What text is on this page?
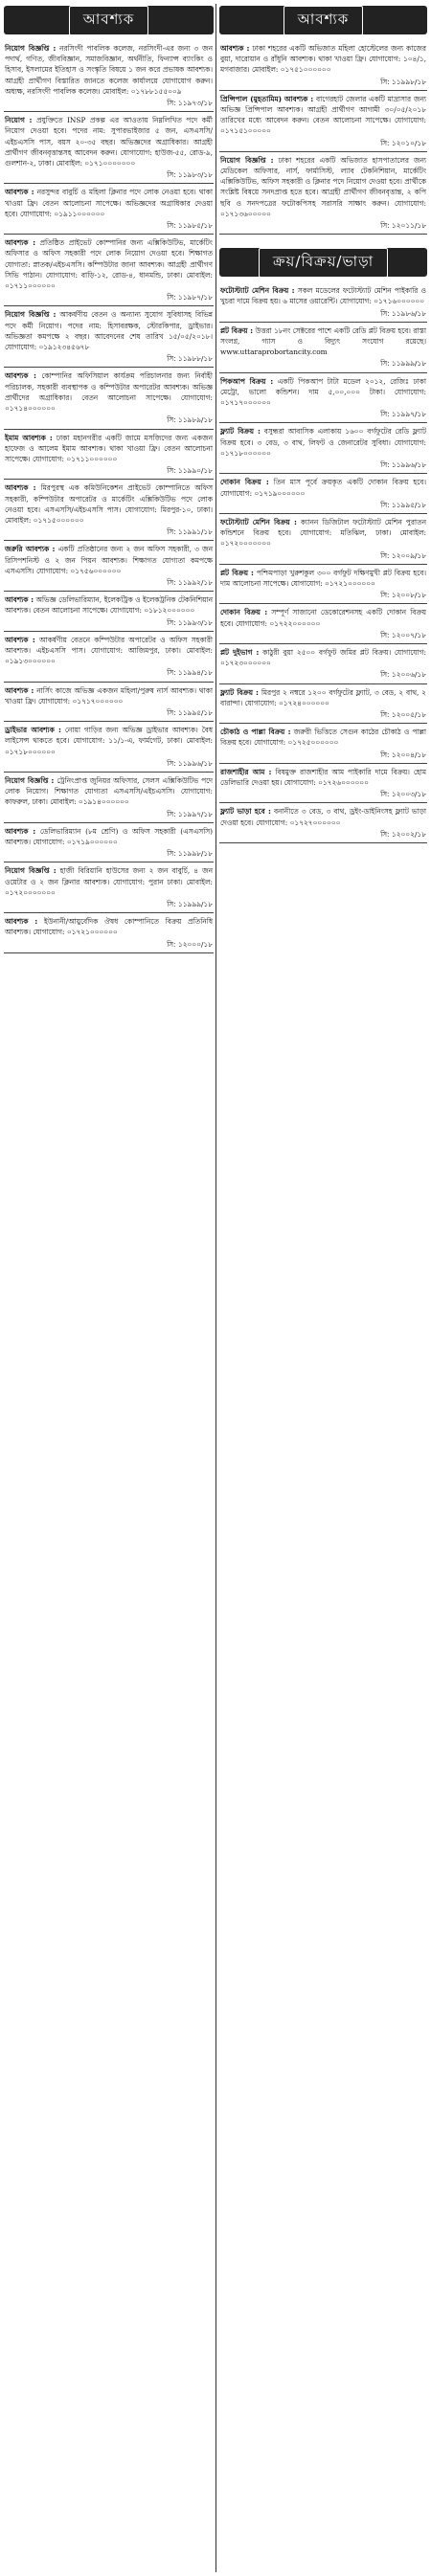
আবশ্যক
নিয়োগ বিজ্ঞপ্তি : নরসিংদী পাবলিক কলেজ, নরসিংদী-এর জন্য ৩ জন পদার্থ, গণিত, জীববিজ্ঞান, সমাজবিজ্ঞান, অর্থনীতি, ফিন্যান্স ব্যাংকিং ও হিসাব, ইসলামের ইতিহাস ও সংস্কৃতি বিষয়ে ১ জন করে প্রভাষক আবশ্যক। আগ্রহী প্রার্থীগণ বিস্তারিত জানতে কলেজ কার্যালয়ে যোগাযোগ করুন। অধ্যক্ষ, নরসিংদী পাবলিক কলেজ। মোবাইল: ০১৭৮৮১৫৫০০৯
সি: ১১৯৭৩/১৮
নিয়োগ : প্রযুক্তিতে INSP প্রকল্প এর আওতায় নিম্নলিখিত পদে কর্মী নিয়োগ দেওয়া হবে। পদের নাম: সুপারভাইজার ৫ জন, এসএসসি/এইচএসসি পাস, বয়স ২০-৩৫ বছর। অভিজ্ঞদের অগ্রাধিকার। আগ্রহী প্রার্থীগণ জীবনবৃত্তান্তসহ আবেদন করুন। যোগাযোগ: হাউজ-৫৫, রোড-৯, গুলশান-২, ঢাকা। মোবাইল: ০১৭১০০০০০০০
সি: ১১৯৮৩/১৮
আবশ্যক : নরসুন্দর বাবুর্চি ও মহিলা ক্লিনার পদে লোক নেওয়া হবে। থাকা খাওয়া ফ্রি। বেতন আলোচনা সাপেক্ষে। অভিজ্ঞদের অগ্রাধিকার দেওয়া হবে। যোগাযোগ: ০১৯১১০০০০০০
সি: ১১৯৮৫/১৮
আবশ্যক : প্রতিষ্ঠিত প্রাইভেট কোম্পানির জন্য এক্সিকিউটিভ, মার্কেটিং অফিসার ও অফিস সহকারী পদে লোক নিয়োগ দেওয়া হবে। শিক্ষাগত যোগ্যতা: স্নাতক/এইচএসসি। কম্পিউটার জানা আবশ্যক। আগ্রহী প্রার্থীগণ সিভি পাঠান। যোগাযোগ: বাড়ি-১২, রোড-৪, ধানমন্ডি, ঢাকা। মোবাইল: ০১৭১১০০০০০০
সি: ১১৯৮৭/১৮
নিয়োগ বিজ্ঞপ্তি : আকর্ষণীয় বেতন ও অন্যান্য সুযোগ সুবিধাসহ বিভিন্ন পদে কর্মী নিয়োগ। পদের নাম: হিসাবরক্ষক, স্টোরকিপার, ড্রাইভার। অভিজ্ঞতা কমপক্ষে ২ বছর। আবেদনের শেষ তারিখ ১৫/০৫/২০১৮। যোগাযোগ: ০১৯১২৩৪৫৬৭৮
সি: ১১৯৮৮/১৮
আবশ্যক : কোম্পানির অফিসিয়াল কার্যক্রম পরিচালনার জন্য নির্বাহী পরিচালক, সহকারী ব্যবস্থাপক ও কম্পিউটার অপারেটর আবশ্যক। অভিজ্ঞ প্রার্থীদের অগ্রাধিকার। বেতন আলোচনা সাপেক্ষে। যোগাযোগ: ০১৭১৪০০০০০০
সি: ১১৯৮৯/১৮
ইমাম আবশ্যক : ঢাকা মহানগরীর একটি জামে মসজিদের জন্য একজন হাফেজ ও আলেম ইমাম আবশ্যক। থাকা খাওয়া ফ্রি। বেতন আলোচনা সাপেক্ষে। যোগাযোগ: ০১৭১১০০০০০০
সি: ১১৯৯০/১৮
আবশ্যক : মিরপুরস্থ এক কমিউনিকেশন প্রাইভেট কোম্পানিতে অফিস সহকারী, কম্পিউটার অপারেটর ও মার্কেটিং এক্সিকিউটিভ পদে লোক নেওয়া হবে। এসএসসি/এইচএসসি পাস। যোগাযোগ: মিরপুর-১০, ঢাকা। মোবাইল: ০১৭১৫০০০০০০
সি: ১১৯৯১/১৮
জরুরি আবশ্যক : একটি প্রতিষ্ঠানের জন্য ২ জন অফিস সহকারী, ৩ জন রিসিপশনিস্ট ও ২ জন পিয়ন আবশ্যক। শিক্ষাগত যোগ্যতা কমপক্ষে এসএসসি। যোগাযোগ: ০১৭৫৬০০০০০০
সি: ১১৯৯২/১৮
আবশ্যক : অভিজ্ঞ ডেলিভারিম্যান, ইলেকট্রিক ও ইলেকট্রনিক টেকনিশিয়ান আবশ্যক। বেতন আলোচনা সাপেক্ষে। যোগাযোগ: ০১৮১২০০০০০০
সি: ১১৯৯৩/১৮
আবশ্যক : আকর্ষণীয় বেতনে কম্পিউটার অপারেটর ও অফিস সহকারী আবশ্যক। এইচএসসি পাস। যোগাযোগ: আজিমপুর, ঢাকা। মোবাইল: ০১৯১৩০০০০০০
সি: ১১৯৯৪/১৮
আবশ্যক : নার্সিং কাজে অভিজ্ঞ একজন মহিলা/পুরুষ নার্স আবশ্যক। থাকা খাওয়া ফ্রি। যোগাযোগ: ০১৭১৭০০০০০০
সি: ১১৯৯৫/১৮
ড্রাইভার আবশ্যক : নোয়া গাড়ির জন্য অভিজ্ঞ ড্রাইভার আবশ্যক। বৈধ লাইসেন্স থাকতে হবে। যোগাযোগ: ১১/১-এ, ফার্মগেট, ঢাকা। মোবাইল: ০১৭১৮০০০০০০
সি: ১১৯৯৬/১৮
নিয়োগ বিজ্ঞপ্তি : ট্রেনিংপ্রাপ্ত জুনিয়র অফিসার, সেলস এক্সিকিউটিভ পদে লোক নিয়োগ। শিক্ষাগত যোগ্যতা এসএসসি/এইচএসসি। যোগাযোগ: কাফরুল, ঢাকা। মোবাইল: ০১৯১৪০০০০০০
সি: ১১৯৯৭/১৮
আবশ্যক : ডেলিভারিম্যান (৮ম শ্রেণি) ও অফিস সহকারী (এসএসসি) আবশ্যক। যোগাযোগ: ০১৭১৯০০০০০০
সি: ১১৯৯৮/১৮
নিয়োগ বিজ্ঞপ্তি : হাজী বিরিয়ানি হাউসের জন্য ২ জন বাবুর্চি, ৪ জন ওয়েটার ও ২ জন ক্লিনার আবশ্যক। যোগাযোগ: পুরান ঢাকা। মোবাইল: ০১৭২০০০০০০০
সি: ১১৯৯৯/১৮
আবশ্যক : ইউনানী/আয়ুর্বেদিক ঔষধ কোম্পানিতে বিক্রয় প্রতিনিধি আবশ্যক। যোগাযোগ: ০১৭২১০০০০০০
সি: ১২০০০/১৮
আবশ্যক
আবশ্যক : ঢাকা শহরের একটি অভিজাত মহিলা হোস্টেলের জন্য কাজের বুয়া, দারোয়ান ও রাঁধুনি আবশ্যক। থাকা খাওয়া ফ্রি। যোগাযোগ: ১০৪/১, মগবাজার। মোবাইল: ০১৭৫১০০০০০০
সি: ১১৯৯৮/১৮
প্রিন্সিপাল (মুহতামিম) আবশ্যক : বাগেরহাট জেলার একটি মাদ্রাসার জন্য অভিজ্ঞ প্রিন্সিপাল আবশ্যক। আগ্রহী প্রার্থীগণ আগামী ৩০/০৫/২০১৮ তারিখের মধ্যে আবেদন করুন। বেতন আলোচনা সাপেক্ষে। যোগাযোগ: ০১৭১৫১০০০০০
সি: ১২০১০/১৮
নিয়োগ বিজ্ঞপ্তি : ঢাকা শহরের একটি অভিজাত হাসপাতালের জন্য মেডিকেল অফিসার, নার্স, ফার্মাসিস্ট, ল্যাব টেকনিশিয়ান, মার্কেটিং এক্সিকিউটিভ, অফিস সহকারী ও ক্লিনার পদে নিয়োগ দেওয়া হবে। প্রার্থীকে সংশ্লিষ্ট বিষয়ে সনদপ্রাপ্ত হতে হবে। আগ্রহী প্রার্থীগণ জীবনবৃত্তান্ত, ২ কপি ছবি ও সনদপত্রের ফটোকপিসহ সরাসরি সাক্ষাৎ করুন। যোগাযোগ: ০১৭১৩৬০০০০০
সি: ১২০১১/১৮
ক্রয়/বিক্রয়/ভাড়া
ফটোস্ট্যাট মেশিন বিক্রয় : সকল মডেলের ফটোস্ট্যাট মেশিন পাইকারি ও খুচরা দামে বিক্রয় হয়। ৬ মাসের ওয়ারেন্টি। যোগাযোগ: ০১৭১৬০০০০০০
সি: ১১৯৮৬/১৮
প্লট বিক্রয় : উত্তরা ১৮নং সেক্টরের পাশে একটি রেডি প্লট বিক্রয় হবে। রাস্তা সংলগ্ন, গ্যাস ও বিদ্যুৎ সংযোগ রয়েছে। www.uttaraprobortancity.com
সি: ১১৯৯৯/১৮
পিকআপ বিক্রয় : একটি পিকআপ টাটা মডেল ২০১২, রেজিঃ ঢাকা মেট্রো, ভালো কন্ডিশন। দাম ৫,০০,০০০ টাকা। যোগাযোগ: ০১৭১৭০০০০০০
সি: ১১৯৯৭/১৮
ফ্ল্যাট বিক্রয় : বসুন্ধরা আবাসিক এলাকায় ১৬০০ বর্গফুটের রেডি ফ্ল্যাট বিক্রয় হবে। ৩ বেড, ৩ বাথ, লিফট ও জেনারেটর সুবিধা। যোগাযোগ: ০১৭১৮০০০০০০
সি: ১১৯৯৬/১৮
দোকান বিক্রয় : তিন মাস পূর্বে ক্রয়কৃত একটি দোকান বিক্রয় হবে। যোগাযোগ: ০১৭১৯০০০০০০
সি: ১১৯৯৫/১৮
ফটোস্ট্যাট মেশিন বিক্রয় : ক্যানন ডিজিটাল ফটোস্ট্যাট মেশিন পুরাতন কন্ডিশনে বিক্রয় হবে। যোগাযোগ: মতিঝিল, ঢাকা। মোবাইল: ০১৭২০০০০০০০
সি: ১২০০৯/১৮
প্লট বিক্রয় : পশ্চিমপাড়া খুরুশকুল ৩০০ বর্গফুট দক্ষিণমুখী প্লট বিক্রয় হবে। দাম আলোচনা সাপেক্ষে। যোগাযোগ: ০১৭২১০০০০০০
সি: ১২০০৮/১৮
দোকান বিক্রয় : সম্পূর্ণ সাজানো ডেকোরেশনসহ একটি দোকান বিক্রয় হবে। যোগাযোগ: ০১৭২২০০০০০০
সি: ১২০০৭/১৮
প্লট দুইভাগ : কাঠুরী বুয়া ২৫০০ বর্গফুট জমির প্লট বিক্রয়। যোগাযোগ: ০১৭২৩০০০০০০
সি: ১২০০৬/১৮
ফ্ল্যাট বিক্রয় : মিরপুর ২ নম্বরে ১২০০ বর্গফুটের ফ্ল্যাট, ৩ বেড, ২ বাথ, ২ বারান্দা। যোগাযোগ: ০১৭২৪০০০০০০
সি: ১২০০৫/১৮
চৌকাঠ ও পাল্লা বিক্রয় : জরুরী ভিত্তিতে সেগুন কাঠের চৌকাঠ ও পাল্লা বিক্রয় হবে। যোগাযোগ: ০১৭২৫০০০০০০
সি: ১২০০৪/১৮
রাজশাহীর আম : বিষমুক্ত রাজশাহীর আম পাইকারি দামে বিক্রয়। হোম ডেলিভারি দেওয়া হয়। যোগাযোগ: ০১৭২৬০০০০০০
সি: ১২০০৩/১৮
ফ্ল্যাট ভাড়া হবে : বনানীতে ৩ বেড, ৩ বাথ, ড্রইং-ডাইনিংসহ ফ্ল্যাট ভাড়া দেওয়া হবে। যোগাযোগ: ০১৭২৭০০০০০০
সি: ১২০০২/১৮
